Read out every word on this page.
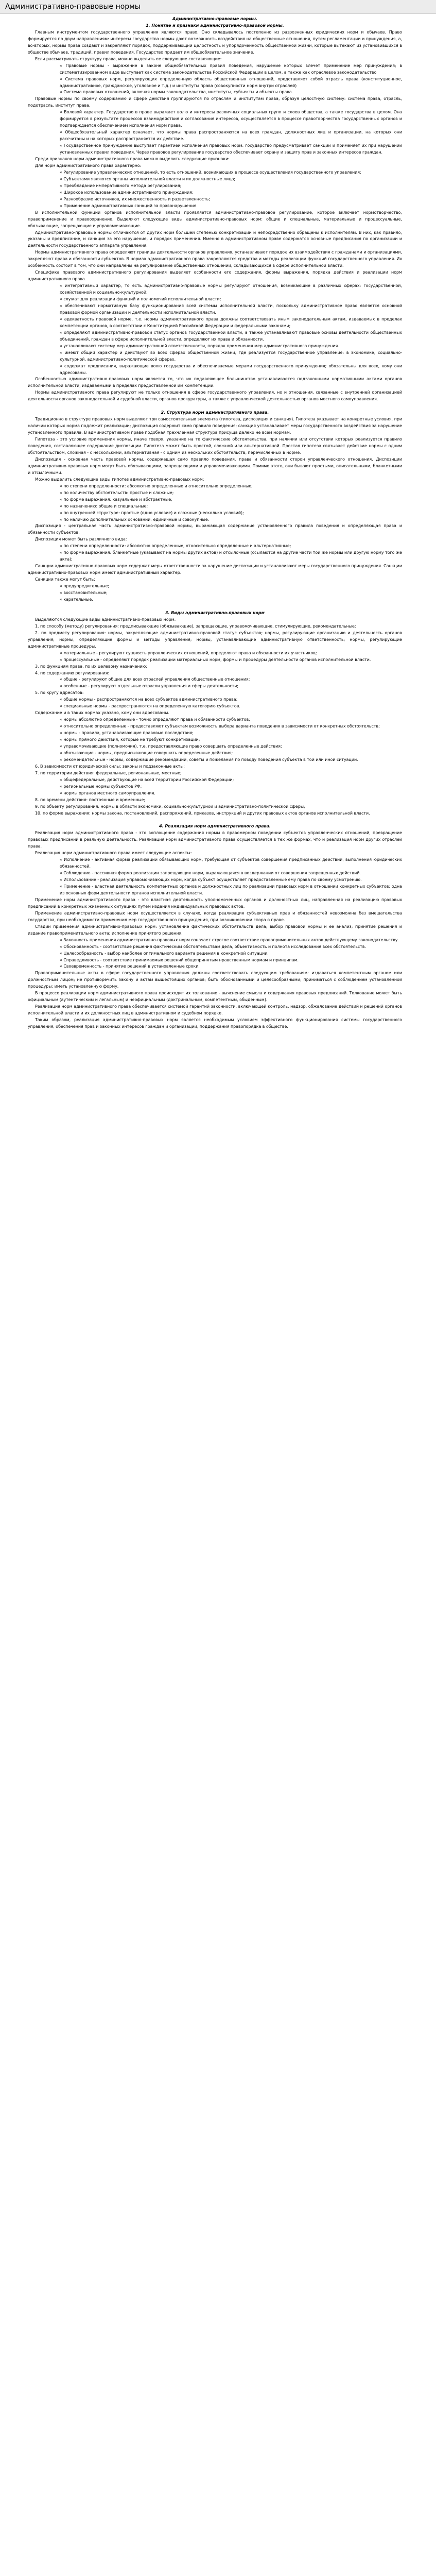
Административно-правовые нормы

Административно-правовые нормы.

1. Понятие и признаки административно-правовой нормы.

Главным инструментом государственного управления являются право. Оно складывалось постепенно из разрозненных юридических норм и обычаев. Право формируется по двум направлениям: интересы государства нормы дают возможность воздействия на общественные отношения, путем регламентации и принуждения, а, во-вторых, нормы права создают и закрепляют порядок, поддерживающий целостность и упорядоченность общественной жизни, которые вытекают из установившихся в обществе обычаев, традиций, правил поведения. Государство придает им общеобязательное значение.

Если рассматривать структуру права, можно выделить ее следующие составляющие:

« Правовые нормы - выражение в законе общеобязательных правил поведения, нарушение которых влечет применение мер принуждения; в систематизированном виде выступает как система законодательства Российской Федерации в целом, а также как отраслевое законодательство

« Система правовых норм, регулирующих определенную область общественных отношений, представляет собой отрасль права (конституционное, административное, гражданское, уголовное и т.д.) и институты права (совокупности норм внутри отраслей)

« Система правовых отношений, включая нормы законодательства, институты, субъекты и объекты права.

Правовые нормы по своему содержанию и сфере действия группируются по отраслям и институтам права, образуя целостную систему: система права, отрасль, подотрасль, институт права.

« Волевой характер. Государство в праве выражает волю и интересы различных социальных групп и слоев общества, а также государства в целом. Она формируется в результате процессов взаимодействия и согласования интересов, осуществляется в процессе правотворчества государственных органов и подтверждается обеспечением исполнения норм права.

« Общеобязательный характер означает, что нормы права распространяются на всех граждан, должностных лиц и организации, на которых они рассчитаны и на которых распространяется их действие.

« Государственное принуждение выступает гарантией исполнения правовых норм: государство предусматривает санкции и применяет их при нарушении установленных правил поведения. Через правовое регулирование государство обеспечивает охрану и защиту прав и законных интересов граждан.

Среди признаков норм административного права можно выделить следующие признаки:

Для норм административного права характерно:

« Регулирование управленческих отношений, то есть отношений, возникающих в процессе осуществления государственного управления;

« Субъектами являются органы исполнительной власти и их должностные лица;

« Преобладание императивного метода регулирования;

« Широкое использование административного принуждения;

« Разнообразие источников, их множественность и разветвленность;

« Применение административных санкций за правонарушения.

В исполнительной функции органов исполнительной власти проявляется административно-правовое регулирование, которое включает нормотворчество, правоприменение и правоохранение. Выделяют следующие виды административно-правовых норм: общие и специальные, материальные и процессуальные, обязывающие, запрещающие и управомочивающие.

Административно-правовые нормы отличаются от других норм большей степенью конкретизации и непосредственно обращены к исполнителям. В них, как правило, указаны и предписание, и санкция за его нарушение, и порядок применения. Именно в административном праве содержатся основные предписания по организации и деятельности государственного аппарата управления.

Нормы административного права определяют границы деятельности органов управления, устанавливают порядок их взаимодействия с гражданами и организациями, закрепляют права и обязанности субъектов. В нормах административного права закрепляются средства и методы реализации функций государственного управления. Их особенность состоит в том, что они направлены на регулирование общественных отношений, складывающихся в сфере исполнительной власти.

Специфика правового административного регулирования выделяет особенности его содержания, формы выражения, порядка действия и реализации норм административного права.

« интегративный характер, то есть административно-правовые нормы регулируют отношения, возникающие в различных сферах: государственной, хозяйственной и социально-культурной;

« служат для реализации функций и полномочий исполнительной власти;

« обеспечивают нормативную базу функционирования всей системы исполнительной власти, поскольку административное право является основной правовой формой организации и деятельности исполнительной власти.

« адекватность правовой норме, т.е. нормы административного права должны соответствовать иным законодательным актам, издаваемых в пределах компетенции органов, в соответствии с Конституцией Российской Федерации и федеральными законами;

« определяют административно-правовой статус органов государственной власти, а также устанавливают правовые основы деятельности общественных объединений, граждан в сфере исполнительной власти, определяют их права и обязанности.

« устанавливают систему мер административной ответственности, порядок применения мер административного принуждения.

« имеют общий характер и действуют во всех сферах общественной жизни, где реализуется государственное управление: в экономике, социально-культурной, административно-политической сферах.

« содержат предписания, выражающие волю государства и обеспечиваемые мерами государственного принуждения; обязательны для всех, кому они адресованы.

Особенностью административно-правовых норм является то, что их подавляющее большинство устанавливается подзаконными нормативными актами органов исполнительной власти, издаваемыми в пределах предоставленной им компетенции.

Нормы административного права регулируют не только отношения в сфере государственного управления, но и отношения, связанные с внутренней организацией деятельности органов законодательной и судебной власти, органов прокуратуры, а также с управленческой деятельностью органов местного самоуправления.

2. Структура норм административного права.

Традиционно в структуре правовых норм выделяют три самостоятельных элемента (гипотеза, диспозиция и санкция). Гипотеза указывает на конкретные условия, при наличии которых норма подлежит реализации; диспозиция содержит само правило поведения; санкция устанавливает меры государственного воздействия за нарушение установленного правила. В административном праве подобная трехчленная структура присуща далеко не всем нормам.

Гипотеза - это условие применения нормы, иначе говоря, указание на те фактические обстоятельства, при наличии или отсутствии которых реализуется правило поведения, составляющее содержание диспозиции. Гипотеза может быть простой, сложной или альтернативной. Простая гипотеза связывает действие нормы с одним обстоятельством, сложная - с несколькими, альтернативная - с одним из нескольких обстоятельств, перечисленных в норме.

Диспозиция - основная часть правовой нормы, содержащая само правило поведения, права и обязанности сторон управленческого отношения. Диспозиции административно-правовых норм могут быть обязывающими, запрещающими и управомочивающими. Помимо этого, они бывают простыми, описательными, бланкетными и отсылочными.

Можно выделить следующие виды гипотез административно-правовых норм:

« по степени определенности: абсолютно определенные и относительно определенные;

« по количеству обстоятельств: простые и сложные;

« по форме выражения: казуальные и абстрактные;

« по назначению: общие и специальные;

« по внутренней структуре: простые (одно условие) и сложные (несколько условий);

« по наличию дополнительных оснований: единичные и совокупные.

Диспозиция - центральная часть административно-правовой нормы, выражающая содержание установленного правила поведения и определяющая права и обязанности субъектов.

Диспозиция может быть различного вида:

« по степени определенности: абсолютно определенные, относительно определенные и альтернативные;

« по форме выражения: бланкетные (указывают на нормы других актов) и отсылочные (ссылаются на другие части той же нормы или другую норму того же акта);

Санкции административно-правовых норм содержат меры ответственности за нарушение диспозиции и устанавливают меры государственного принуждения. Санкции административно-правовых норм имеют административный характер.

Санкции также могут быть:

« предупредительные;

« восстановительные;

« карательные.

3. Виды административно-правовых норм

Выделяются следующие виды административно-правовых норм:

1. по способу (методу) регулирования: предписывающие (обязывающие), запрещающие, управомочивающие, стимулирующие, рекомендательные;

2. по предмету регулирования: нормы, закрепляющие административно-правовой статус субъектов; нормы, регулирующие организацию и деятельность органов управления; нормы, определяющие формы и методы управления; нормы, устанавливающие административную ответственность; нормы, регулирующие административные процедуры.

« материальные - регулируют сущность управленческих отношений, определяют права и обязанности их участников;

« процессуальные - определяют порядок реализации материальных норм, формы и процедуры деятельности органов исполнительной власти.

3. по функциям права, по их целевому назначению;

4. по содержанию регулирования:

« общие - регулируют общие для всех отраслей управления общественные отношения;

« особенные - регулируют отдельные отрасли управления и сферы деятельности;

5. по кругу адресатов:

« общие нормы - распространяются на всех субъектов административного права;

« специальные нормы - распространяются на определенную категорию субъектов.

Содержание и в таких нормах указано, кому они адресованы.

« нормы абсолютно определенные - точно определяют права и обязанности субъектов;

« относительно определенные - предоставляют субъектам возможность выбора варианта поведения в зависимости от конкретных обстоятельств;

« нормы - правила, устанавливающие правовые последствия;

« нормы прямого действия, которые не требуют конкретизации;

« управомочивающие (полномочия), т.е. предоставляющие право совершать определенные действия;

« обязывающие - нормы, предписывающие совершать определенные действия;

« рекомендательные - нормы, содержащие рекомендации, советы и пожелания по поводу поведения субъекта в той или иной ситуации.

6. В зависимости от юридической силы: законы и подзаконные акты;

7. по территории действия: федеральные, региональные, местные;

« общефедеральные, действующие на всей территории Российской Федерации;

« региональные нормы субъектов РФ;

« нормы органов местного самоуправления.

8. по времени действия: постоянные и временные;

9. по объекту регулирования: нормы в области экономики, социально-культурной и административно-политической сферы;

10. по форме выражения: нормы закона, постановлений, распоряжений, приказов, инструкций и других правовых актов органов исполнительной власти.

4. Реализация норм административного права.

Реализация норм административного права - это воплощение содержания нормы в правомерном поведении субъектов управленческих отношений, превращение правовых предписаний в реальную деятельность. Реализация норм административного права осуществляется в тех же формах, что и реализация норм других отраслей права.

Реализация норм административного права имеет следующие аспекты:

« Исполнение - активная форма реализации обязывающих норм, требующая от субъектов совершения предписанных действий, выполнения юридических обязанностей.

« Соблюдение - пассивная форма реализации запрещающих норм, выражающаяся в воздержании от совершения запрещенных действий.

« Использование - реализация управомочивающих норм, когда субъект осуществляет предоставленные ему права по своему усмотрению.

« Применение - властная деятельность компетентных органов и должностных лиц по реализации правовых норм в отношении конкретных субъектов; одна из основных форм деятельности органов исполнительной власти.

Применение норм административного права - это властная деятельность уполномоченных органов и должностных лиц, направленная на реализацию правовых предписаний в конкретных жизненных ситуациях путем издания индивидуальных правовых актов.

Применение административно-правовых норм осуществляется в случаях, когда реализация субъективных прав и обязанностей невозможна без вмешательства государства, при необходимости применения мер государственного принуждения, при возникновении спора о праве.

Стадии применения административно-правовых норм: установление фактических обстоятельств дела; выбор правовой нормы и ее анализ; принятие решения и издание правоприменительного акта; исполнение принятого решения.

« Законность применения административно-правовых норм означает строгое соответствие правоприменительных актов действующему законодательству.

« Обоснованность - соответствие решения фактическим обстоятельствам дела, объективность и полнота исследования всех обстоятельств.

« Целесообразность - выбор наиболее оптимального варианта решения в конкретной ситуации.

« Справедливость - соответствие принимаемых решений общепринятым нравственным нормам и принципам.

« Своевременность - принятие решений в установленные сроки.

Правоприменительные акты в сфере государственного управления должны соответствовать следующим требованиям: издаваться компетентным органом или должностным лицом; не противоречить закону и актам вышестоящих органов; быть обоснованными и целесообразными; приниматься с соблюдением установленной процедуры; иметь установленную форму.

В процессе реализации норм административного права происходит их толкование - выяснение смысла и содержания правовых предписаний. Толкование может быть официальным (аутентическим и легальным) и неофициальным (доктринальным, компетентным, обыденным).

Реализация норм административного права обеспечивается системой гарантий законности, включающей контроль, надзор, обжалование действий и решений органов исполнительной власти и их должностных лиц в административном и судебном порядке.

Таким образом, реализация административно-правовых норм является необходимым условием эффективного функционирования системы государственного управления, обеспечения прав и законных интересов граждан и организаций, поддержания правопорядка в обществе.
